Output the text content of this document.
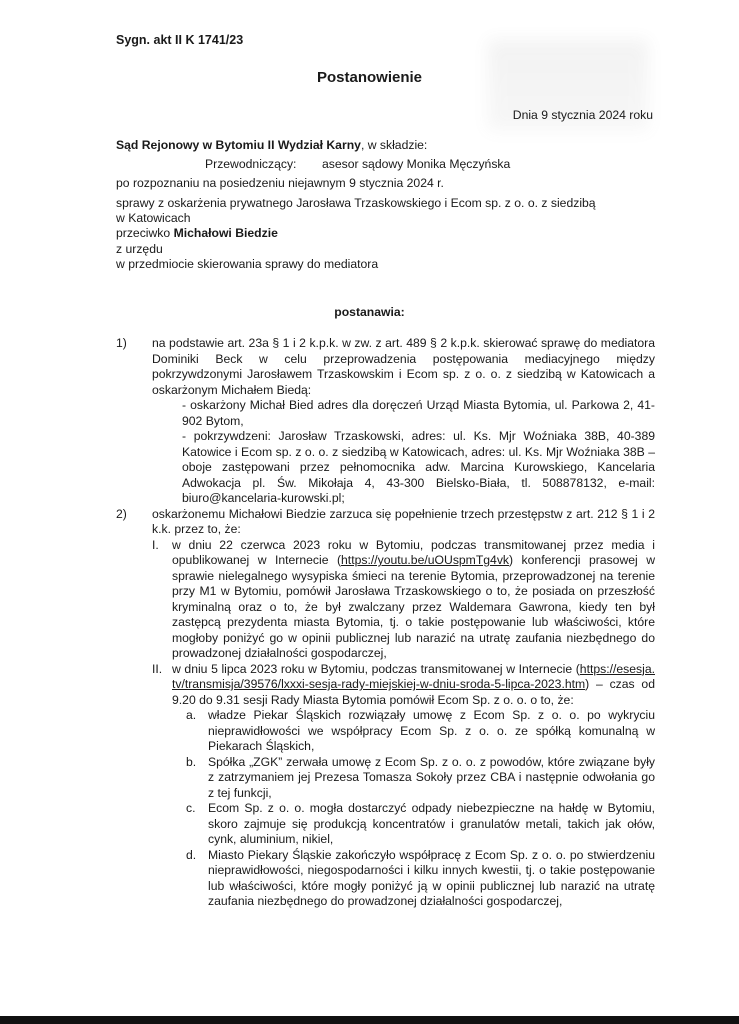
Sygn. akt II K 1741/23
Postanowienie
Dnia 9 stycznia 2024 roku
Sąd Rejonowy w Bytomiu II Wydział Karny, w składzie:
Przewodniczący: asesor sądowy Monika Męczyńska
po rozpoznaniu na posiedzeniu niejawnym 9 stycznia 2024 r.
sprawy z oskarżenia prywatnego Jarosława Trzaskowskiego i Ecom sp. z o. o. z siedzibą
w Katowicach
przeciwko Michałowi Biedzie
z urzędu
w przedmiocie skierowania sprawy do mediatora
postanawia:
1)	na podstawie art. 23a § 1 i 2 k.p.k. w zw. z art. 489 § 2 k.p.k. skierować sprawę do mediatora Dominiki Beck w celu przeprowadzenia postępowania mediacyjnego między pokrzywdzonymi Jarosławem Trzaskowskim i Ecom sp. z o. o. z siedzibą w Katowicach a oskarżonym Michałem Biedą:
- oskarżony Michał Bied adres dla doręczeń Urząd Miasta Bytomia, ul. Parkowa 2, 41-902 Bytom,
- pokrzywdzeni: Jarosław Trzaskowski, adres: ul. Ks. Mjr Woźniaka 38B, 40-389 Katowice i Ecom sp. z o. o. z siedzibą w Katowicach, adres: ul. Ks. Mjr Woźniaka 38B – oboje zastępowani przez pełnomocnika adw. Marcina Kurowskiego, Kancelaria Adwokacja pl. Św. Mikołaja 4, 43-300 Bielsko-Biała, tl. 508878132, e-mail: biuro@kancelaria-kurowski.pl;
2)	oskarżonemu Michałowi Biedzie zarzuca się popełnienie trzech przestępstw z art. 212 § 1 i 2 k.k. przez to, że:
I.	w dniu 22 czerwca 2023 roku w Bytomiu, podczas transmitowanej przez media i opublikowanej w Internecie (https://youtu.be/uOUspmTg4vk) konferencji prasowej w sprawie nielegalnego wysypiska śmieci na terenie Bytomia, przeprowadzonej na terenie przy M1 w Bytomiu, pomówił Jarosława Trzaskowskiego o to, że posiada on przeszłość kryminalną oraz o to, że był zwalczany przez Waldemara Gawrona, kiedy ten był zastępcą prezydenta miasta Bytomia, tj. o takie postępowanie lub właściwości, które mogłoby poniżyć go w opinii publicznej lub narazić na utratę zaufania niezbędnego do prowadzonej działalności gospodarczej,
II. w dniu 5 lipca 2023 roku w Bytomiu, podczas transmitowanej w Internecie (https://esesja.tv/transmisja/39576/lxxxi-sesja-rady-miejskiej-w-dniu-sroda-5-lipca-2023.htm) – czas od 9.20 do 9.31 sesji Rady Miasta Bytomia pomówił Ecom Sp. z o. o. o to, że:
a. władze Piekar Śląskich rozwiązały umowę z Ecom Sp. z o. o. po wykryciu nieprawidłowości we współpracy Ecom Sp. z o. o. ze spółką komunalną w Piekarach Śląskich,
b. Spółka „ZGK” zerwała umowę z Ecom Sp. z o. o. z powodów, które związane były z zatrzymaniem jej Prezesa Tomasza Sokoły przez CBA i następnie odwołania go z tej funkcji,
c.	Ecom Sp. z o. o. mogła dostarczyć odpady niebezpieczne na hałdę w Bytomiu, skoro zajmuje się produkcją koncentratów i granulatów metali, takich jak ołów, cynk, aluminium, nikiel,
d. Miasto Piekary Śląskie zakończyło współpracę z Ecom Sp. z o. o. po stwierdzeniu nieprawidłowości, niegospodarności i kilku innych kwestii, tj. o takie postępowanie lub właściwości, które mogły poniżyć ją w opinii publicznej lub narazić na utratę zaufania niezbędnego do prowadzonej działalności gospodarczej,
